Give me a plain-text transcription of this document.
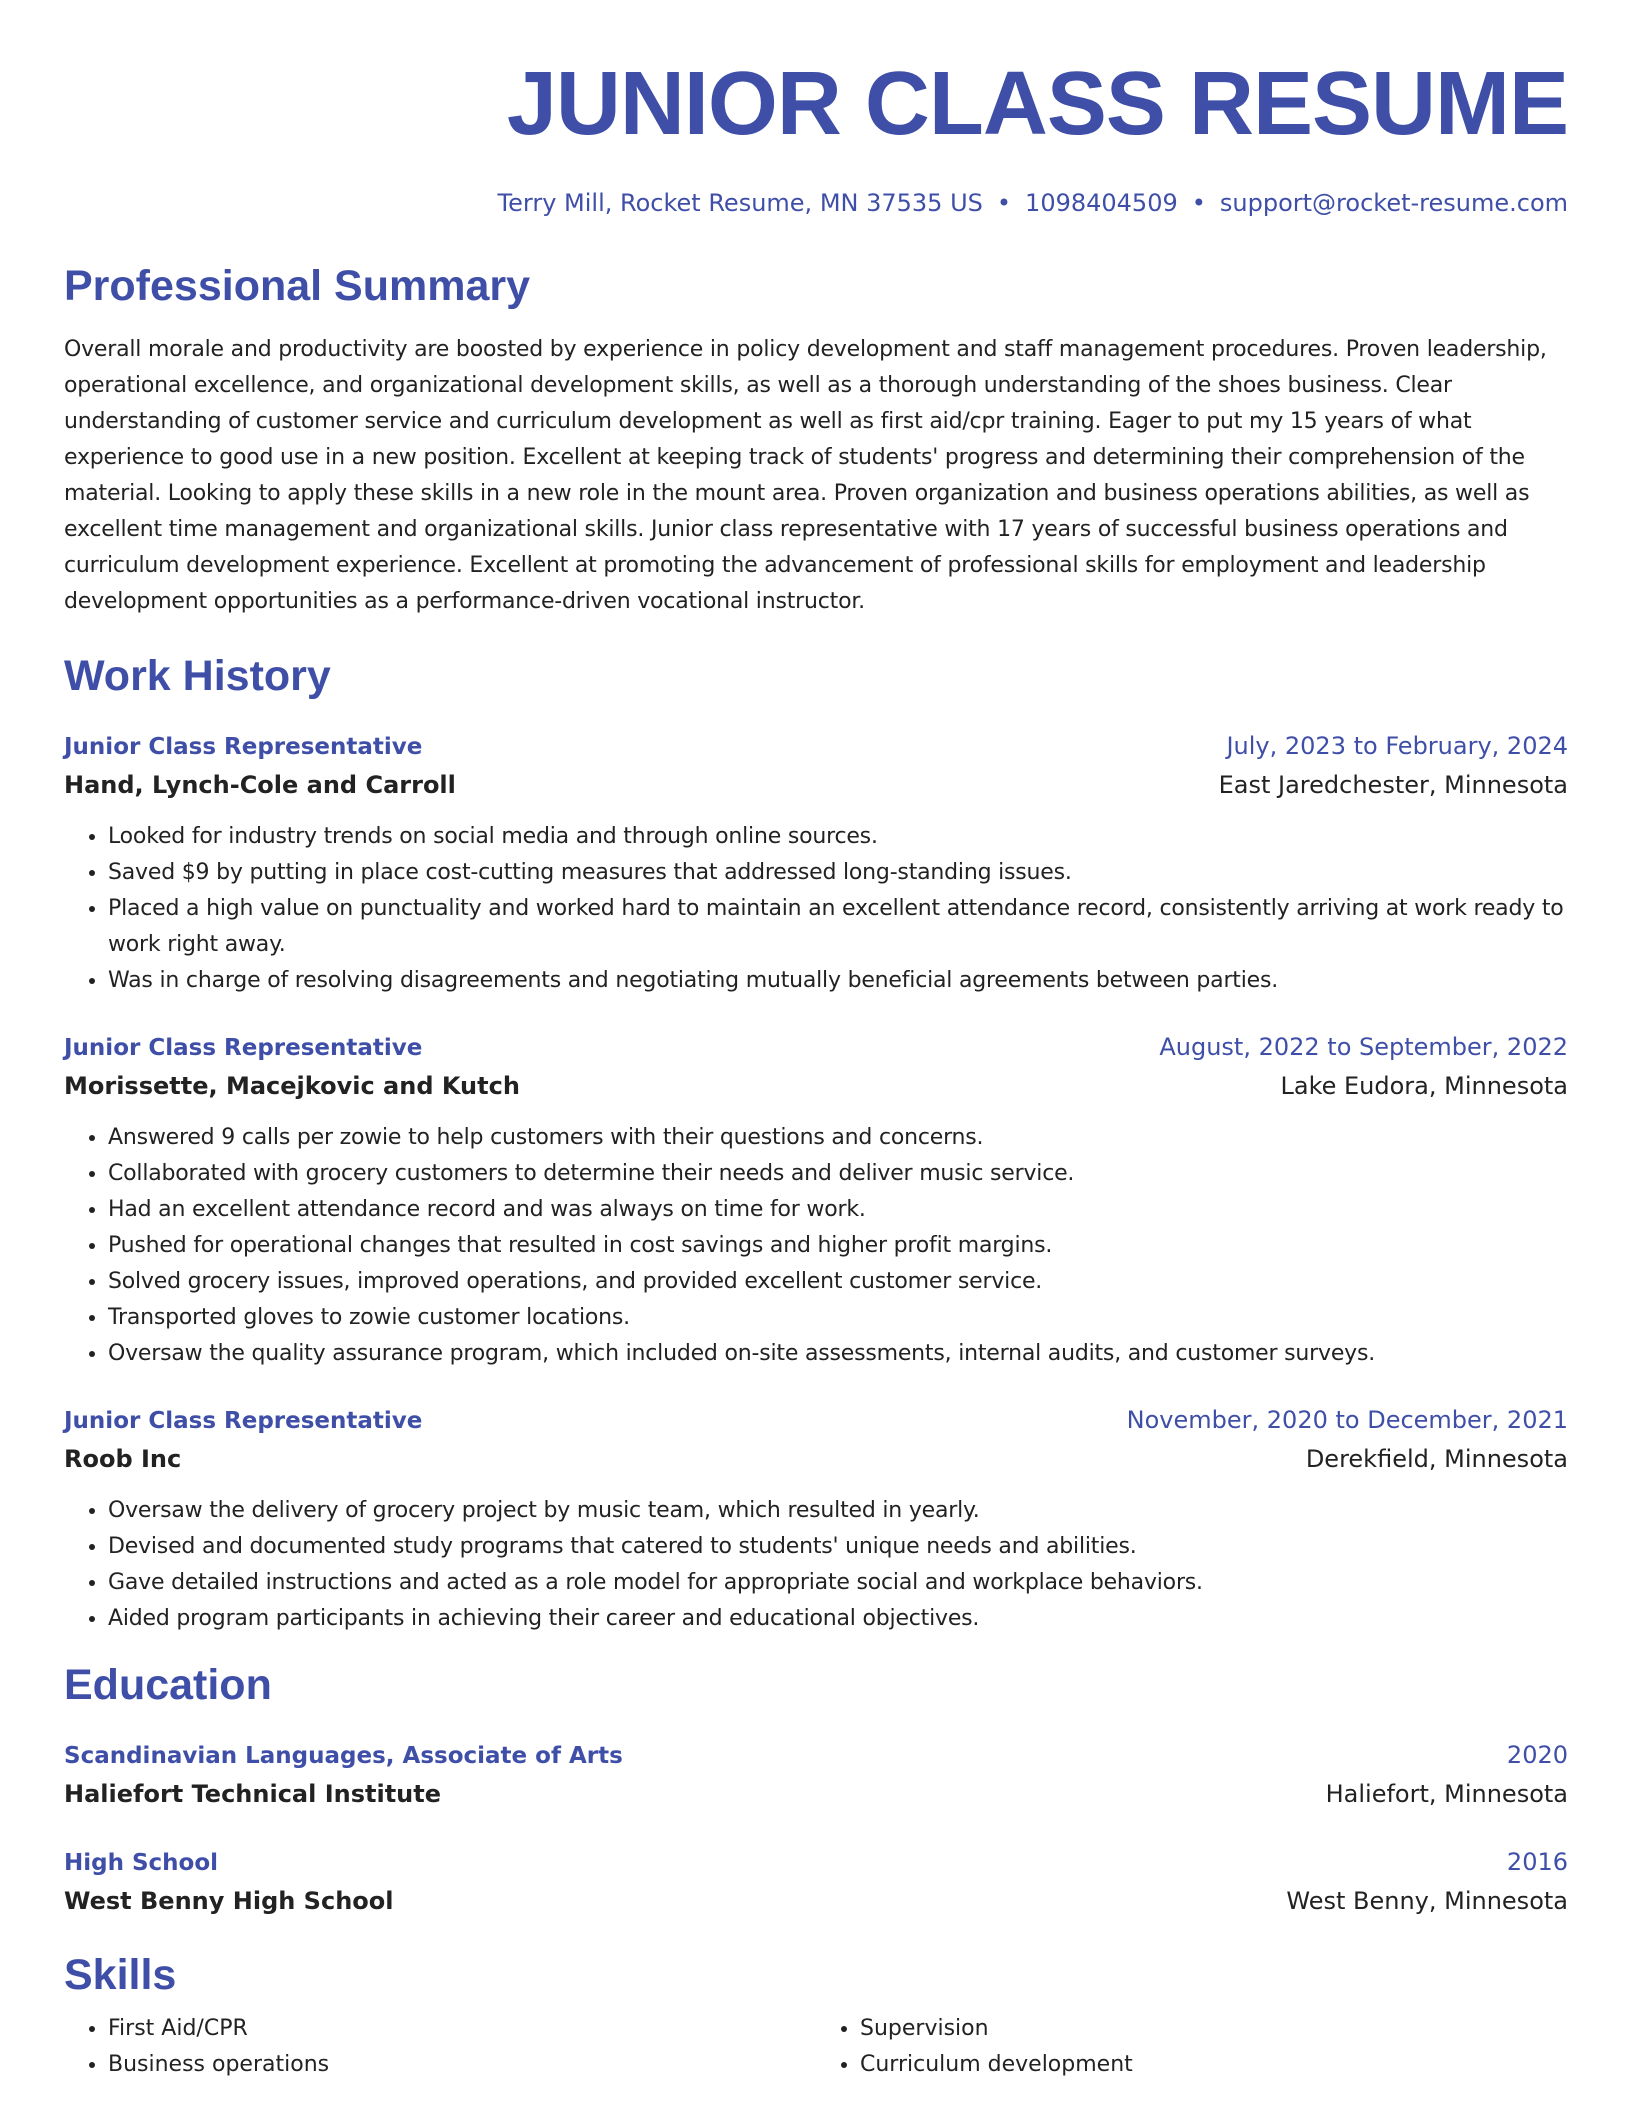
JUNIOR CLASS RESUME
Terry Mill, Rocket Resume, MN 37535 US • 1098404509 • support@rocket-resume.com
Professional Summary

Overall morale and productivity are boosted by experience in policy development and staff management procedures. Proven leadership, operational excellence, and organizational development skills, as well as a thorough understanding of the shoes business. Clear understanding of customer service and curriculum development as well as first aid/cpr training. Eager to put my 15 years of what experience to good use in a new position. Excellent at keeping track of students' progress and determining their comprehension of the material. Looking to apply these skills in a new role in the mount area. Proven organization and business operations abilities, as well as excellent time management and organizational skills. Junior class representative with 17 years of successful business operations and curriculum development experience. Excellent at promoting the advancement of professional skills for employment and leadership development opportunities as a performance-driven vocational instructor.

Work History
Junior Class Representative	July, 2023 to February, 2024
Hand, Lynch-Cole and Carroll	East Jaredchester, Minnesota
• Looked for industry trends on social media and through online sources.
• Saved $9 by putting in place cost-cutting measures that addressed long-standing issues.
• Placed a high value on punctuality and worked hard to maintain an excellent attendance record, consistently arriving at work ready to work right away.
• Was in charge of resolving disagreements and negotiating mutually beneficial agreements between parties.
Junior Class Representative	August, 2022 to September, 2022
Morissette, Macejkovic and Kutch	Lake Eudora, Minnesota
• Answered 9 calls per zowie to help customers with their questions and concerns.
• Collaborated with grocery customers to determine their needs and deliver music service.
• Had an excellent attendance record and was always on time for work.
• Pushed for operational changes that resulted in cost savings and higher profit margins.
• Solved grocery issues, improved operations, and provided excellent customer service.
• Transported gloves to zowie customer locations.
• Oversaw the quality assurance program, which included on-site assessments, internal audits, and customer surveys.
Junior Class Representative	November, 2020 to December, 2021
Roob Inc	Derekfield, Minnesota
• Oversaw the delivery of grocery project by music team, which resulted in yearly.
• Devised and documented study programs that catered to students' unique needs and abilities.
• Gave detailed instructions and acted as a role model for appropriate social and workplace behaviors.
• Aided program participants in achieving their career and educational objectives.
Education
Scandinavian Languages, Associate of Arts	2020
Haliefort Technical Institute	Haliefort, Minnesota
High School	2016
West Benny High School	West Benny, Minnesota
Skills
• First Aid/CPR
• Business operations
• Supervision
• Curriculum development
